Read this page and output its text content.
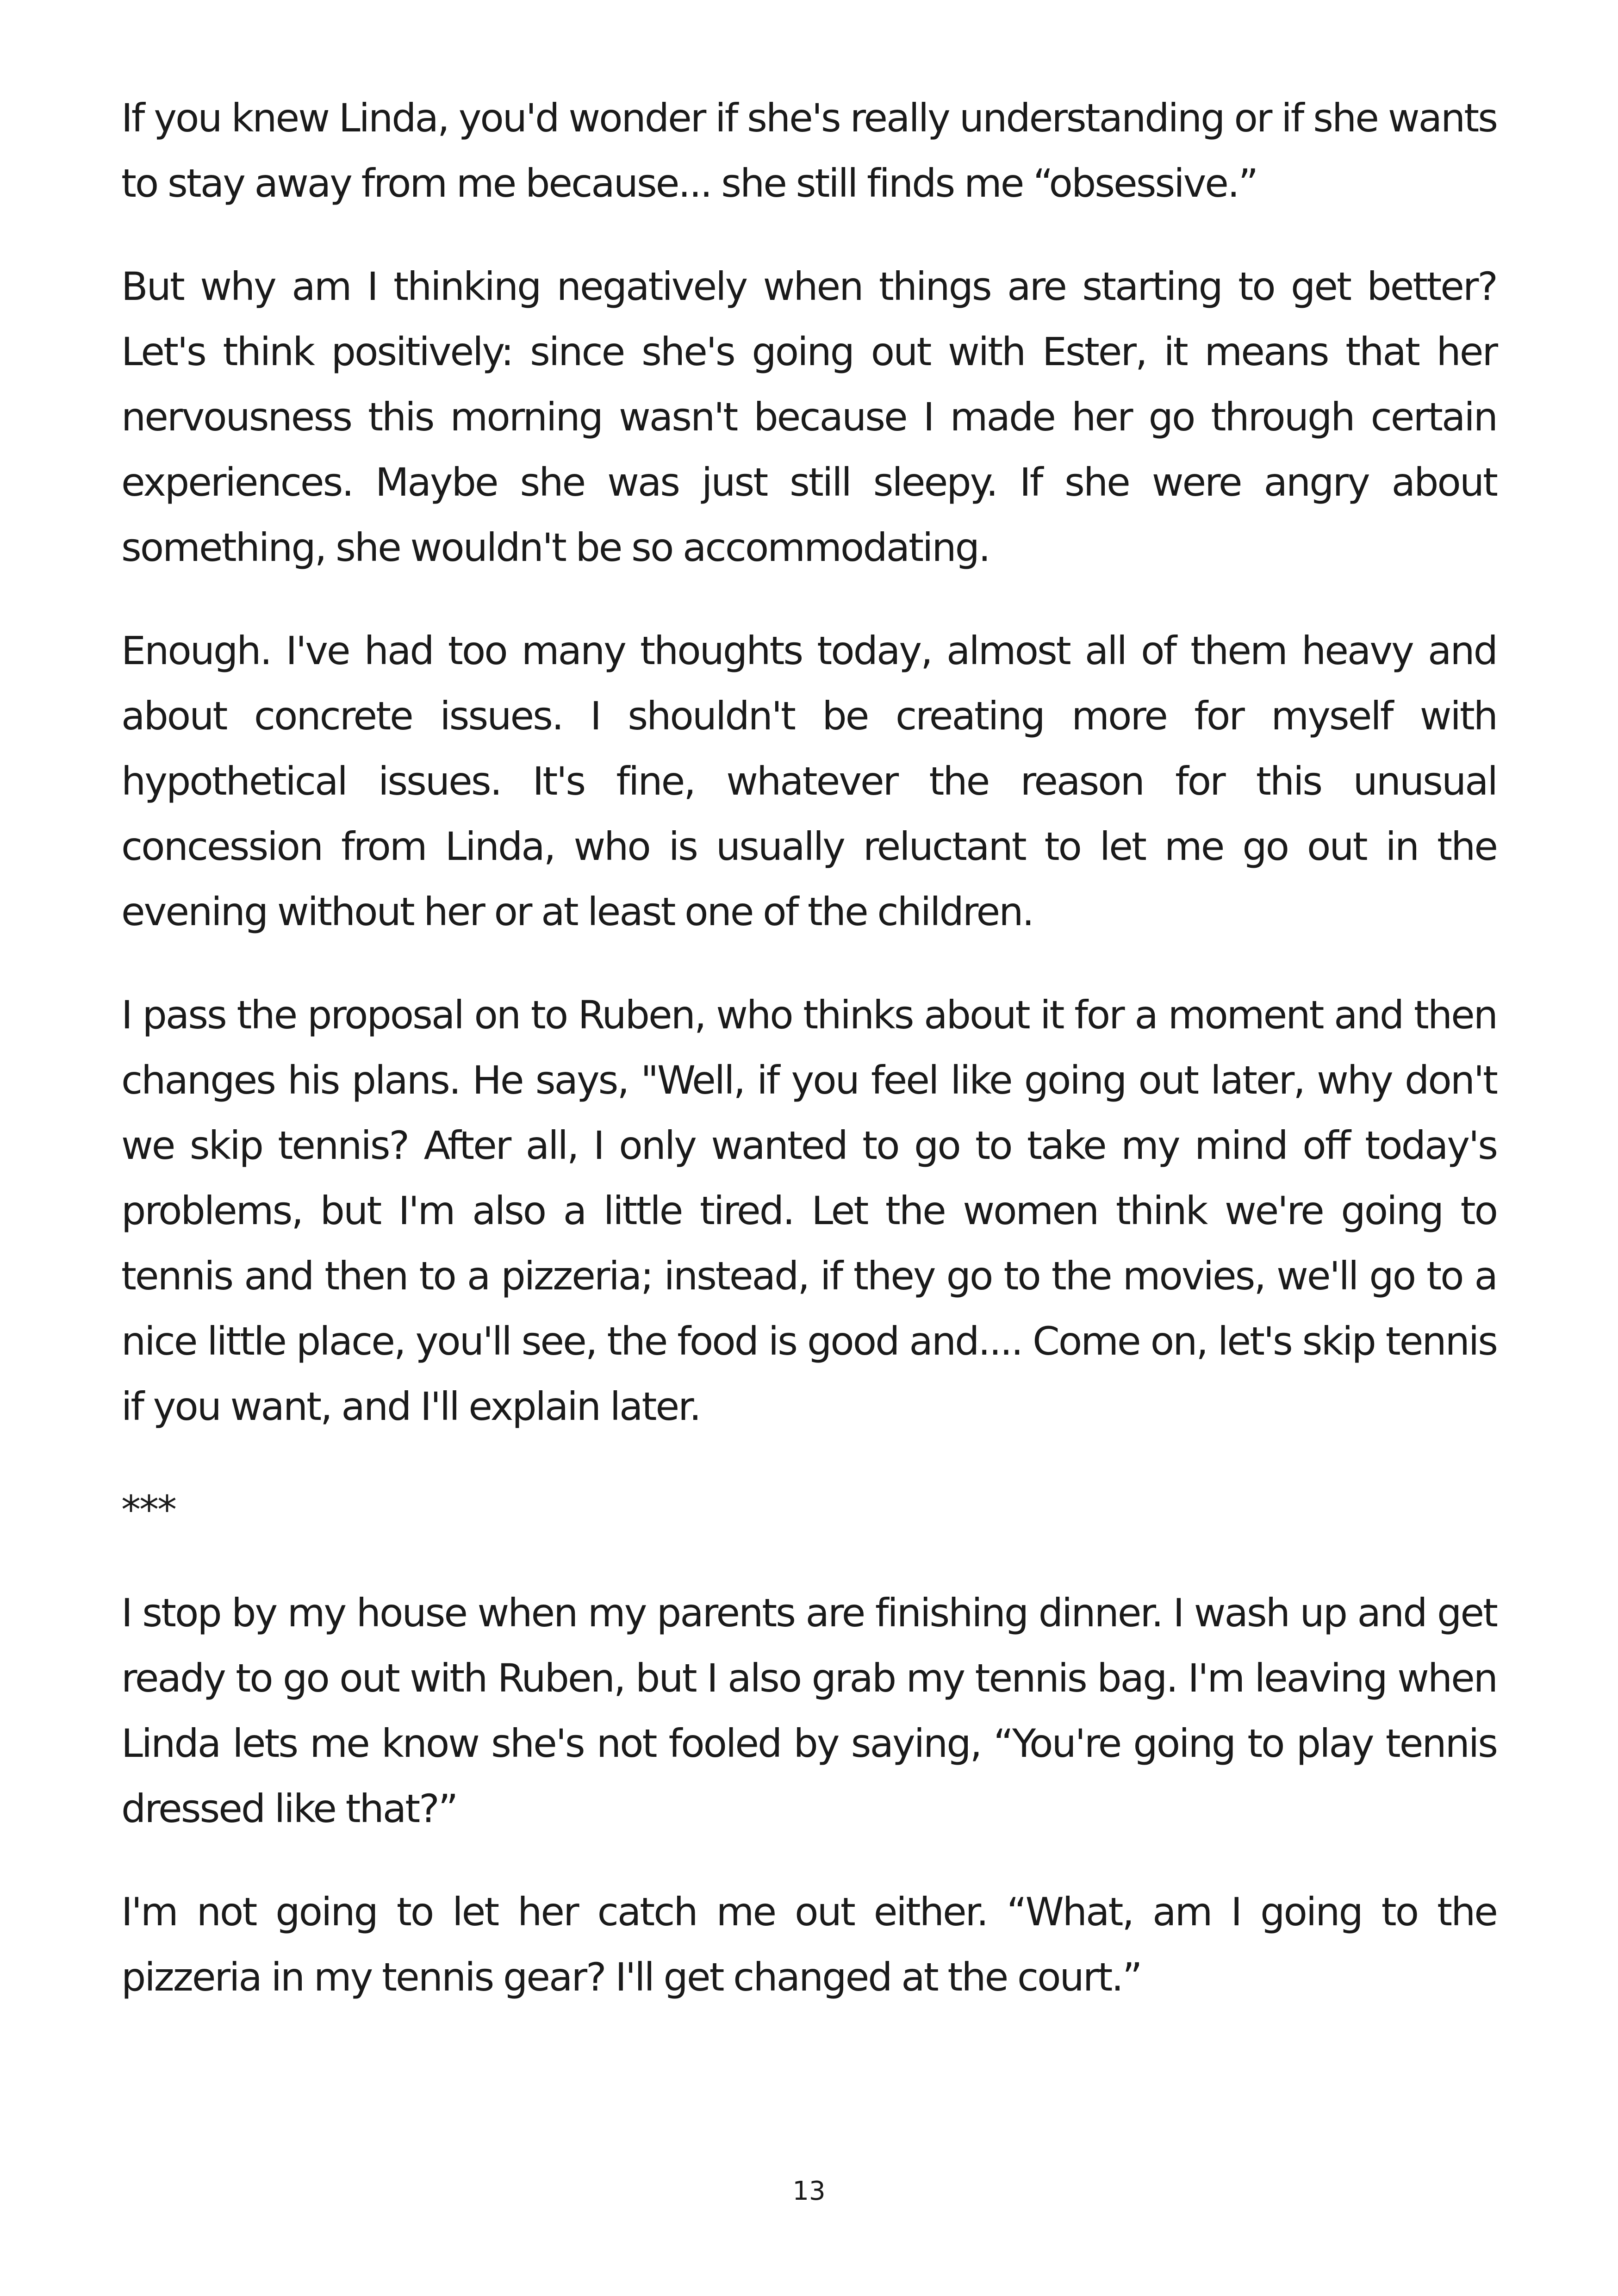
If you knew Linda, you'd wonder if she's really understanding or if she wants to stay away from me because... she still finds me “obsessive.”

But why am I thinking negatively when things are starting to get better? Let's think positively: since she's going out with Ester, it means that her nervousness this morning wasn't because I made her go through certain experiences. Maybe she was just still sleepy. If she were angry about something, she wouldn't be so accommodating.

Enough. I've had too many thoughts today, almost all of them heavy and about concrete issues. I shouldn't be creating more for myself with hypothetical issues. It's fine, whatever the reason for this unusual concession from Linda, who is usually reluctant to let me go out in the evening without her or at least one of the children.

I pass the proposal on to Ruben, who thinks about it for a moment and then changes his plans. He says, "Well, if you feel like going out later, why don't we skip tennis? After all, I only wanted to go to take my mind off today's problems, but I'm also a little tired. Let the women think we're going to tennis and then to a pizzeria; instead, if they go to the movies, we'll go to a nice little place, you'll see, the food is good and.... Come on, let's skip tennis if you want, and I'll explain later.

***

I stop by my house when my parents are finishing dinner. I wash up and get ready to go out with Ruben, but I also grab my tennis bag. I'm leaving when Linda lets me know she's not fooled by saying, “You're going to play tennis dressed like that?”

I'm not going to let her catch me out either. “What, am I going to the pizzeria in my tennis gear? I'll get changed at the court.”

13
